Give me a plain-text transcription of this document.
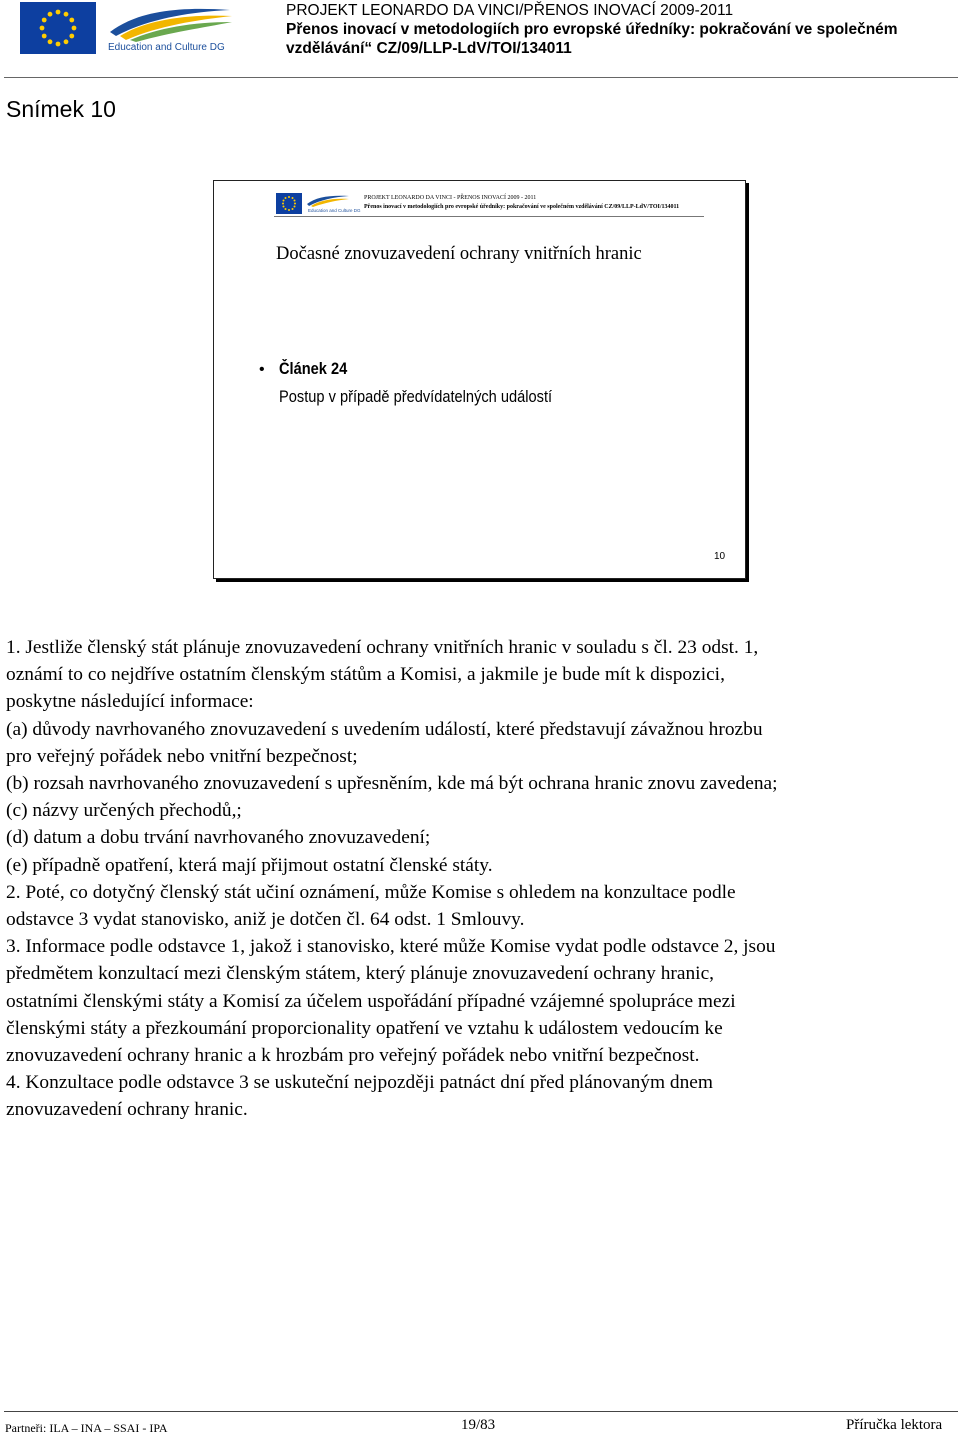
Education and Culture DG
PROJEKT LEONARDO DA VINCI/PŘENOS INOVACÍ 2009-2011
Přenos inovací v metodologiích pro evropské úředníky: pokračování ve společném
vzdělávání“ CZ/09/LLP-LdV/TOI/134011
Snímek 10
Education and Culture DG
PROJEKT LEONARDO DA VINCI - PŘENOS INOVACÍ 2009 - 2011
Přenos inovací v metodologiích pro evropské úředníky: pokračování ve společném vzdělávání CZ/09/LLP-LdV/TOI/134011
Dočasné znovuzavedení ochrany vnitřních hranic
• Článek 24
Postup v případě předvídatelných událostí
10

1. Jestliže členský stát plánuje znovuzavedení ochrany vnitřních hranic v souladu s čl. 23 odst. 1,

oznámí to co nejdříve ostatním členským státům a Komisi, a jakmile je bude mít k dispozici,

poskytne následující informace:

(a) důvody navrhovaného znovuzavedení s uvedením událostí, které představují závažnou hrozbu

pro veřejný pořádek nebo vnitřní bezpečnost;

(b) rozsah navrhovaného znovuzavedení s upřesněním, kde má být ochrana hranic znovu zavedena;

(c) názvy určených přechodů,;

(d) datum a dobu trvání navrhovaného znovuzavedení;

(e) případně opatření, která mají přijmout ostatní členské státy.

2. Poté, co dotyčný členský stát učiní oznámení, může Komise s ohledem na konzultace podle

odstavce 3 vydat stanovisko, aniž je dotčen čl. 64 odst. 1 Smlouvy.

3. Informace podle odstavce 1, jakož i stanovisko, které může Komise vydat podle odstavce 2, jsou

předmětem konzultací mezi členským státem, který plánuje znovuzavedení ochrany hranic,

ostatními členskými státy a Komisí za účelem uspořádání případné vzájemné spolupráce mezi

členskými státy a přezkoumání proporcionality opatření ve vztahu k událostem vedoucím ke

znovuzavedení ochrany hranic a k hrozbám pro veřejný pořádek nebo vnitřní bezpečnost.

4. Konzultace podle odstavce 3 se uskuteční nejpozději patnáct dní před plánovaným dnem

znovuzavedení ochrany hranic.

Partneři: ILA – INA – SSAI - IPA	19/83	Příručka lektora
